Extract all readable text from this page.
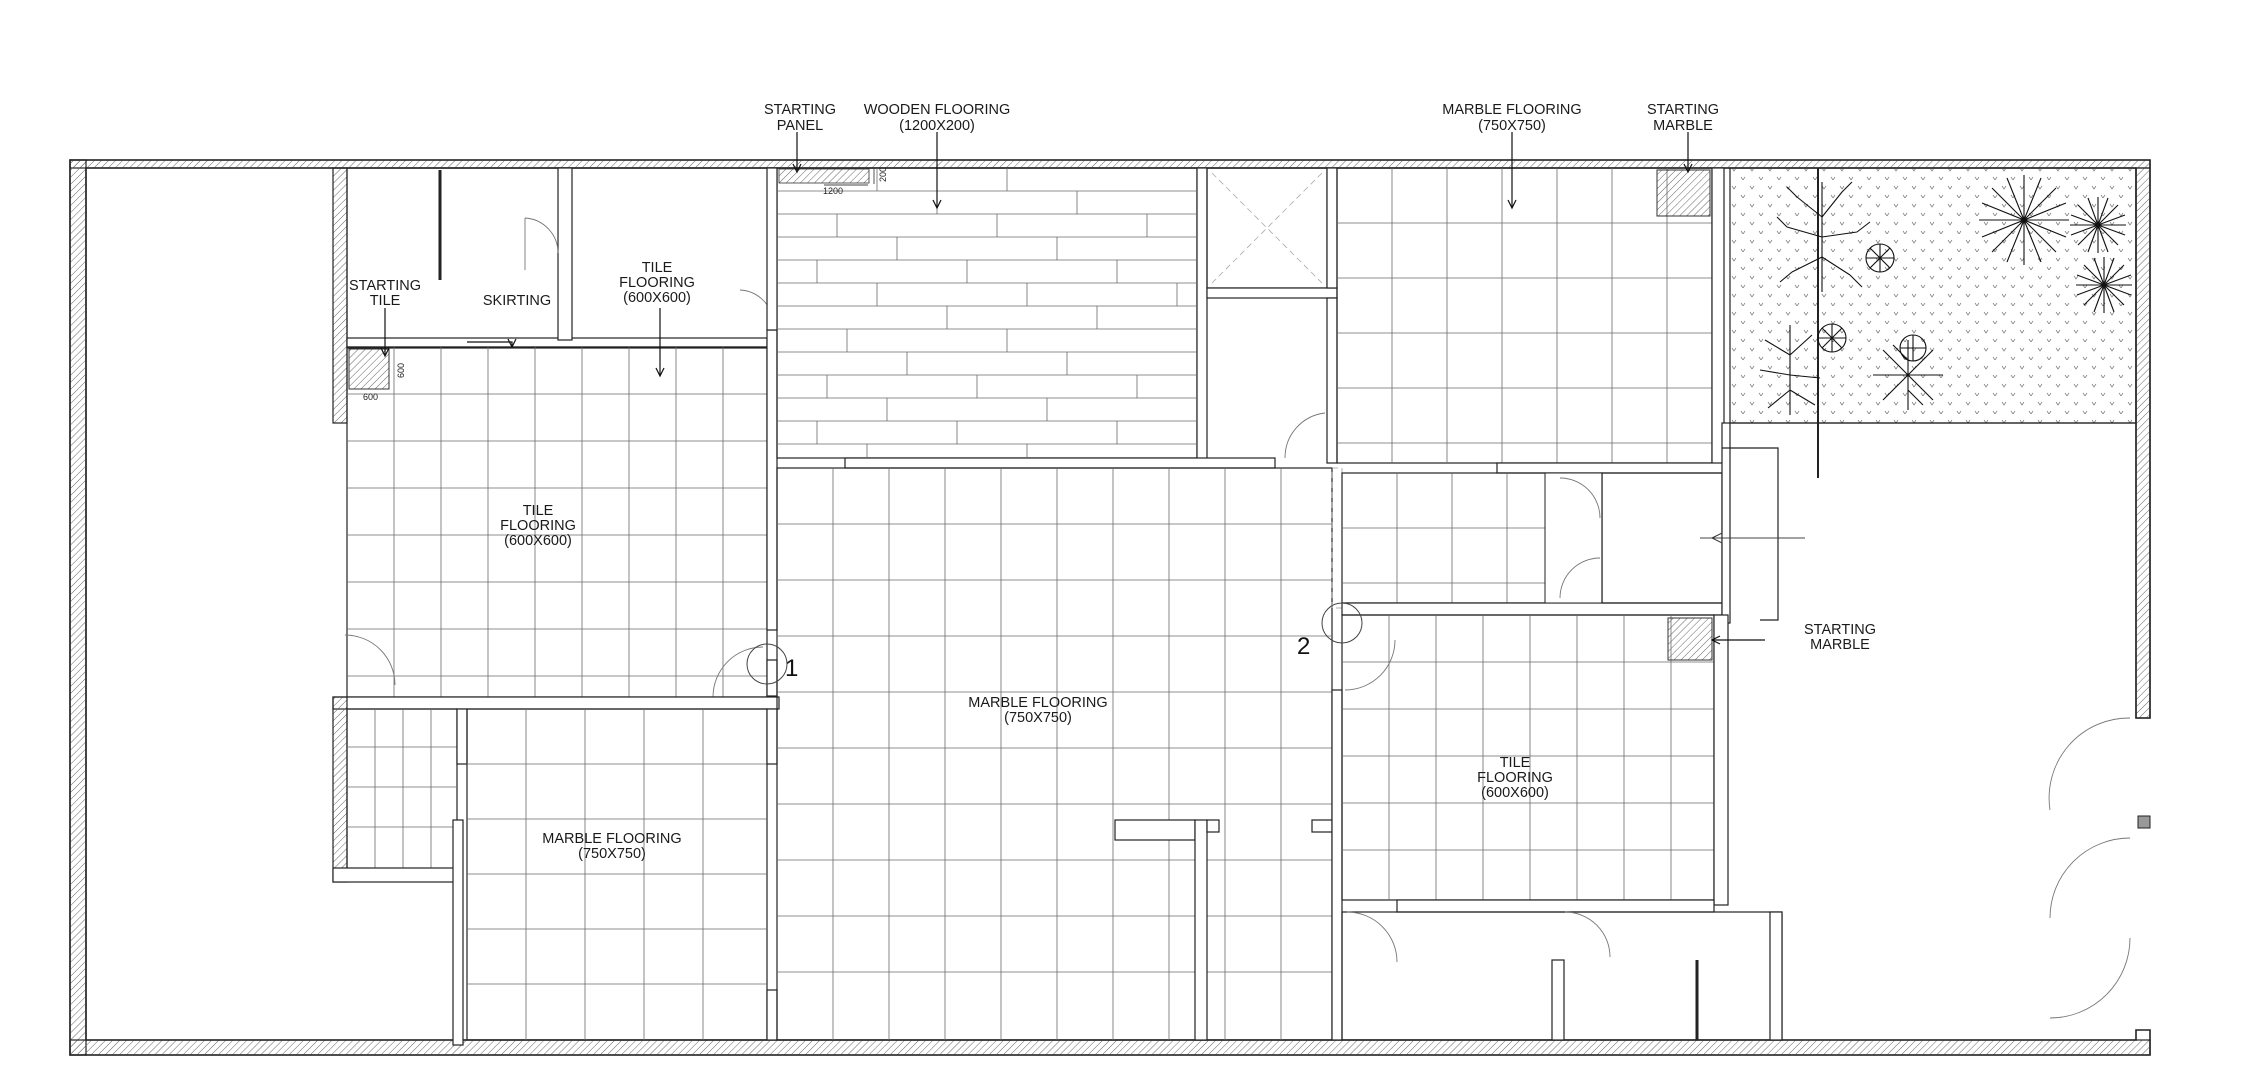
1
2
600
600
1200
200
STARTING
PANEL
WOODEN FLOORING
(1200X200)
MARBLE FLOORING
(750X750)
STARTING
MARBLE
STARTING
TILE	SKIRTING
TILE
FLOORING
(600X600)
TILE
FLOORING
(600X600)
MARBLE FLOORING
(750X750)
MARBLE FLOORING
(750X750)
TILE
FLOORING
(600X600)
STARTING
MARBLE
